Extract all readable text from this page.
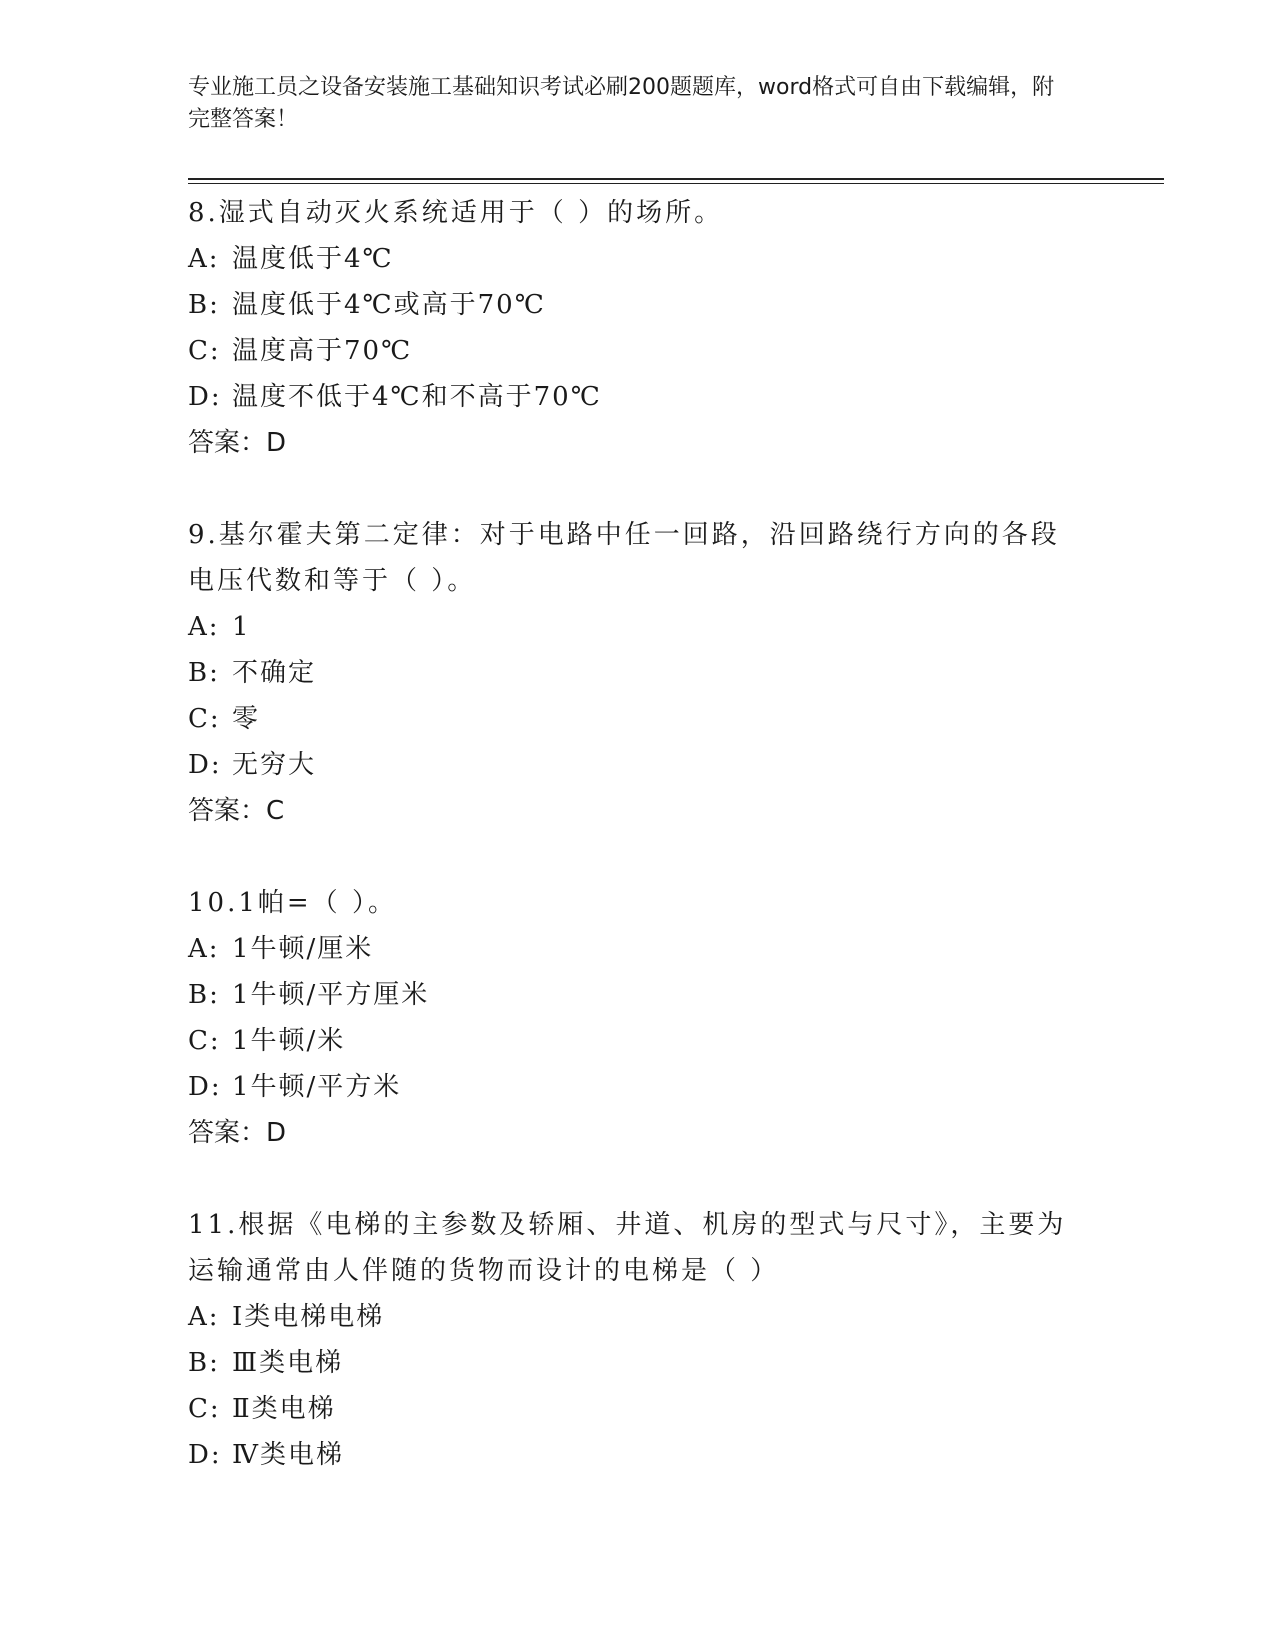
专业施工员之设备安装施工基础知识考试必刷200题题库，word格式可自由下载编辑，附完整答案！
8.湿式自动灭火系统适用于（ ）的场所。
A: 温度低于4℃
B: 温度低于4℃或高于70℃
C: 温度高于70℃
D: 温度不低于4℃和不高于70℃
答案：D
9.基尔霍夫第二定律：对于电路中任一回路，沿回路绕行方向的各段电压代数和等于（ ）。
A: 1
B: 不确定
C: 零
D: 无穷大
答案：C
10.1帕=（ ）。
A: 1牛顿/厘米
B: 1牛顿/平方厘米
C: 1牛顿/米
D: 1牛顿/平方米
答案：D
11.根据《电梯的主参数及轿厢、井道、机房的型式与尺寸》，主要为运输通常由人伴随的货物而设计的电梯是（ ）
A: Ⅰ类电梯电梯
B: Ⅲ类电梯
C: Ⅱ类电梯
D: Ⅳ类电梯
